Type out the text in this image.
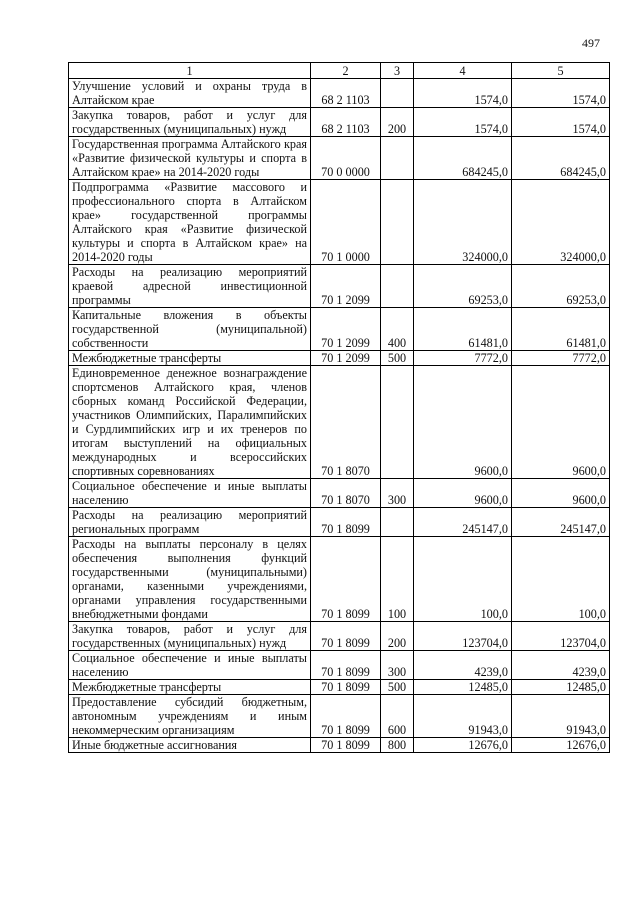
497
1	2	3	4	5
Улучшение условий и охраны труда в Алтайском крае	68 2 1103		1574,0	1574,0
Закупка товаров, работ и услуг для государственных (муниципальных) нужд	68 2 1103	200	1574,0	1574,0
Государственная программа Алтайского края «Развитие физической культуры и спорта в Алтайском крае» на 2014-2020 годы	70 0 0000		684245,0	684245,0
Подпрограмма «Развитие массового и профессионального спорта в Алтайском крае» государственной программы Алтайского края «Развитие физической культуры и спорта в Алтайском крае» на 2014-2020 годы	70 1 0000		324000,0	324000,0
Расходы на реализацию мероприятий краевой адресной инвестиционной программы	70 1 2099		69253,0	69253,0
Капитальные вложения в объекты государственной (муниципальной) собственности	70 1 2099	400	61481,0	61481,0
Межбюджетные трансферты	70 1 2099	500	7772,0	7772,0
Единовременное денежное вознаграждение спортсменов Алтайского края, членов сборных команд Российской Федерации, участников Олимпийских, Паралимпийских и Сурдлимпийских игр и их тренеров по итогам выступлений на официальных международных и всероссийских спортивных соревнованиях	70 1 8070		9600,0	9600,0
Социальное обеспечение и иные выплаты населению	70 1 8070	300	9600,0	9600,0
Расходы на реализацию мероприятий региональных программ	70 1 8099		245147,0	245147,0
Расходы на выплаты персоналу в целях обеспечения выполнения функций государственными (муниципальными) органами, казенными учреждениями, органами управления государственными внебюджетными фондами	70 1 8099	100	100,0	100,0
Закупка товаров, работ и услуг для государственных (муниципальных) нужд	70 1 8099	200	123704,0	123704,0
Социальное обеспечение и иные выплаты населению	70 1 8099	300	4239,0	4239,0
Межбюджетные трансферты	70 1 8099	500	12485,0	12485,0
Предоставление субсидий бюджетным, автономным учреждениям и иным некоммерческим организациям	70 1 8099	600	91943,0	91943,0
Иные бюджетные ассигнования	70 1 8099	800	12676,0	12676,0
